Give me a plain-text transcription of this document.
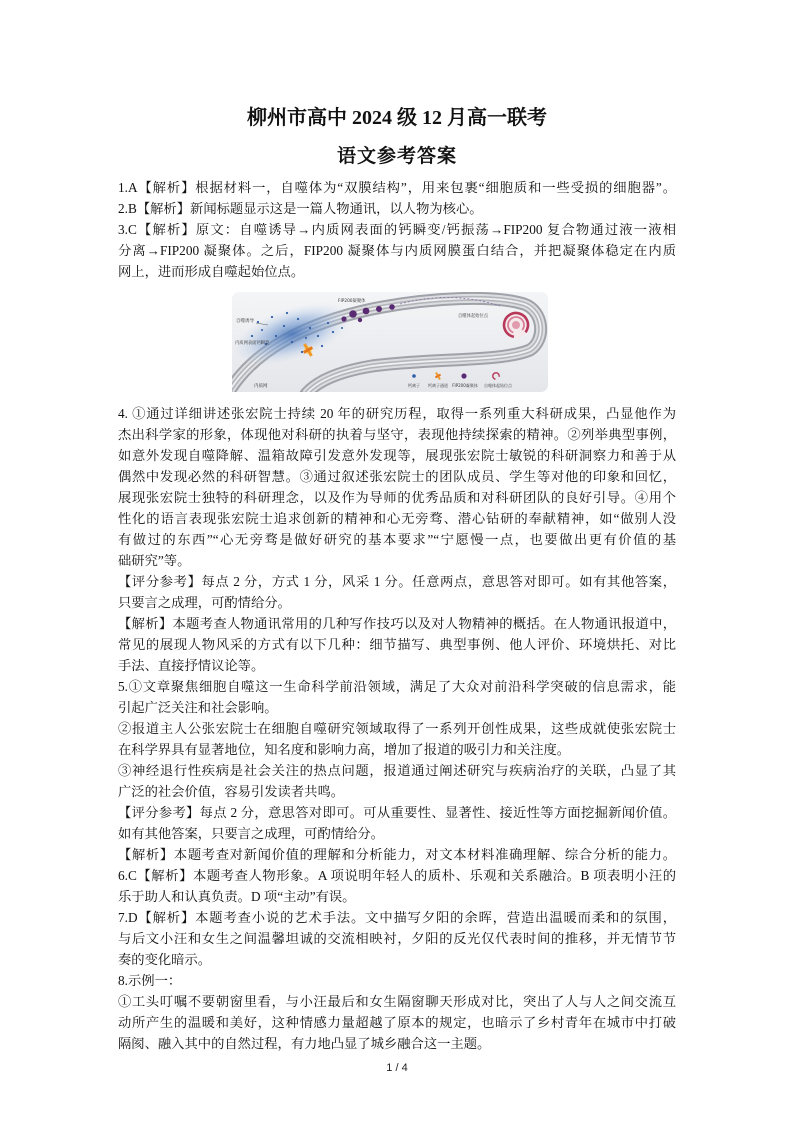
柳州市高中 2024 级 12 月高一联考
语文参考答案
1.A【解析】根据材料一，自噬体为“双膜结构”，用来包裹“细胞质和一些受损的细胞器”。
2.B【解析】新闻标题显示这是一篇人物通讯，以人物为核心。
3.C【解析】原文：自噬诱导→内质网表面的钙瞬变/钙振荡→FIP200 复合物通过液一液相
分离→FIP200 凝聚体。之后，FIP200 凝聚体与内质网膜蛋白结合，并把凝聚体稳定在内质
网上，进而形成自噬起始位点。
自噬诱导
内质网表面钙瞬变
内质网
FIP200凝聚体
自噬体起始位点
钙离子 钙离子通道 FIP200凝聚体 自噬体起始位点
4. ①通过详细讲述张宏院士持续 20 年的研究历程，取得一系列重大科研成果，凸显他作为
杰出科学家的形象，体现他对科研的执着与坚守，表现他持续探索的精神。②列举典型事例，
如意外发现自噬降解、温箱故障引发意外发现等，展现张宏院士敏锐的科研洞察力和善于从
偶然中发现必然的科研智慧。③通过叙述张宏院士的团队成员、学生等对他的印象和回忆，
展现张宏院士独特的科研理念，以及作为导师的优秀品质和对科研团队的良好引导。④用个
性化的语言表现张宏院士追求创新的精神和心无旁骛、潜心钻研的奉献精神，如“做别人没
有做过的东西”“心无旁骛是做好研究的基本要求”“宁愿慢一点，也要做出更有价值的基
础研究”等。
【评分参考】每点 2 分，方式 1 分，风采 1 分。任意两点，意思答对即可。如有其他答案，
只要言之成理，可酌情给分。
【解析】本题考查人物通讯常用的几种写作技巧以及对人物精神的概括。在人物通讯报道中，
常见的展现人物风采的方式有以下几种：细节描写、典型事例、他人评价、环境烘托、对比
手法、直接抒情议论等。
5.①文章聚焦细胞自噬这一生命科学前沿领域，满足了大众对前沿科学突破的信息需求，能
引起广泛关注和社会影响。
②报道主人公张宏院士在细胞自噬研究领域取得了一系列开创性成果，这些成就使张宏院士
在科学界具有显著地位，知名度和影响力高，增加了报道的吸引力和关注度。
③神经退行性疾病是社会关注的热点问题，报道通过阐述研究与疾病治疗的关联，凸显了其
广泛的社会价值，容易引发读者共鸣。
【评分参考】每点 2 分，意思答对即可。可从重要性、显著性、接近性等方面挖掘新闻价值。
如有其他答案，只要言之成理，可酌情给分。
【解析】本题考查对新闻价值的理解和分析能力，对文本材料准确理解、综合分析的能力。
6.C【解析】本题考查人物形象。A 项说明年轻人的质朴、乐观和关系融洽。B 项表明小汪的
乐于助人和认真负责。D 项“主动”有误。
7.D【解析】本题考查小说的艺术手法。文中描写夕阳的余晖，营造出温暖而柔和的氛围，
与后文小汪和女生之间温馨坦诚的交流相映衬，夕阳的反光仅代表时间的推移，并无情节节
奏的变化暗示。
8.示例一：
①工头叮嘱不要朝窗里看，与小汪最后和女生隔窗聊天形成对比，突出了人与人之间交流互
动所产生的温暖和美好，这种情感力量超越了原本的规定，也暗示了乡村青年在城市中打破
隔阂、融入其中的自然过程，有力地凸显了城乡融合这一主题。
1 / 4
